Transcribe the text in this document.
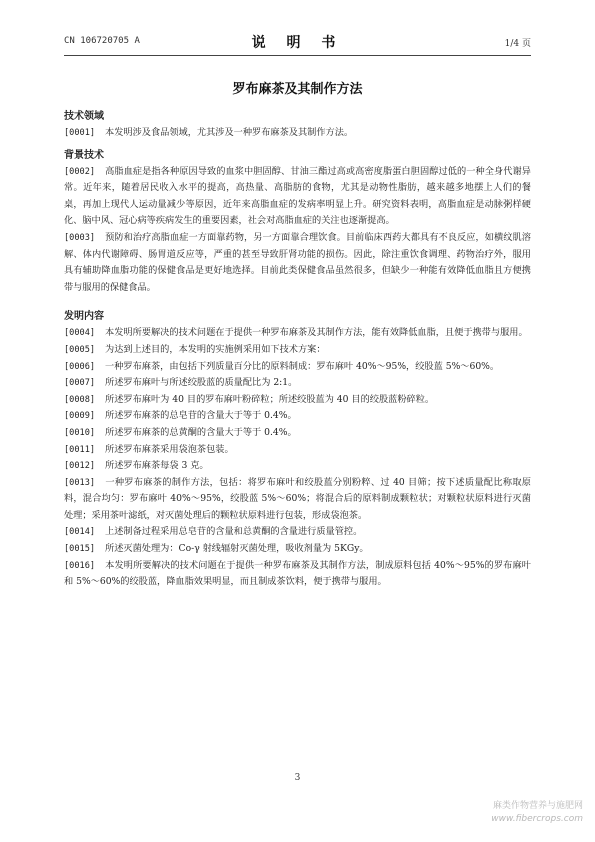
CN 106720705 A	说 明 书	1/4 页
罗布麻茶及其制作方法
技术领域

[0001] 本发明涉及食品领域，尤其涉及一种罗布麻茶及其制作方法。

背景技术

[0002] 高脂血症是指各种原因导致的血浆中胆固醇、甘油三酯过高或高密度脂蛋白胆固醇过低的一种全身代谢异常。近年来，随着居民收入水平的提高，高热量、高脂肪的食物，尤其是动物性脂肪，越来越多地摆上人们的餐桌，再加上现代人运动量减少等原因，近年来高脂血症的发病率明显上升。研究资料表明，高脂血症是动脉粥样硬化、脑中风、冠心病等疾病发生的重要因素，社会对高脂血症的关注也逐渐提高。

[0003] 预防和治疗高脂血症一方面靠药物，另一方面靠合理饮食。目前临床西药大都具有不良反应，如横纹肌溶解、体内代谢障碍、肠胃道反应等，严重的甚至导致肝肾功能的损伤。因此，除注重饮食调理、药物治疗外，服用具有辅助降血脂功能的保健食品是更好地选择。目前此类保健食品虽然很多，但缺少一种能有效降低血脂且方便携带与服用的保健食品。

发明内容

[0004] 本发明所要解决的技术问题在于提供一种罗布麻茶及其制作方法，能有效降低血脂，且便于携带与服用。

[0005] 为达到上述目的，本发明的实施例采用如下技术方案：

[0006] 一种罗布麻茶，由包括下列质量百分比的原料制成：罗布麻叶 40%～95%，绞股蓝 5%～60%。

[0007] 所述罗布麻叶与所述绞股蓝的质量配比为 2:1。

[0008] 所述罗布麻叶为 40 目的罗布麻叶粉碎粒；所述绞股蓝为 40 目的绞股蓝粉碎粒。

[0009] 所述罗布麻茶的总皂苷的含量大于等于 0.4%。

[0010] 所述罗布麻茶的总黄酮的含量大于等于 0.4%。

[0011] 所述罗布麻茶采用袋泡茶包装。

[0012] 所述罗布麻茶每袋 3 克。

[0013] 一种罗布麻茶的制作方法，包括：将罗布麻叶和绞股蓝分别粉粹、过 40 目筛；按下述质量配比称取原料，混合均匀：罗布麻叶 40%～95%，绞股蓝 5%～60%；将混合后的原料制成颗粒状；对颗粒状原料进行灭菌处理；采用茶叶滤纸，对灭菌处理后的颗粒状原料进行包装，形成袋泡茶。

[0014] 上述制备过程采用总皂苷的含量和总黄酮的含量进行质量管控。

[0015] 所述灭菌处理为：Co-γ 射线辐射灭菌处理，吸收剂量为 5KGy。

[0016] 本发明所要解决的技术问题在于提供一种罗布麻茶及其制作方法，制成原料包括 40%～95%的罗布麻叶和 5%～60%的绞股蓝，降血脂效果明显，而且制成茶饮料，便于携带与服用。

3
麻类作物营养与施肥网
www.fibercrops.com
